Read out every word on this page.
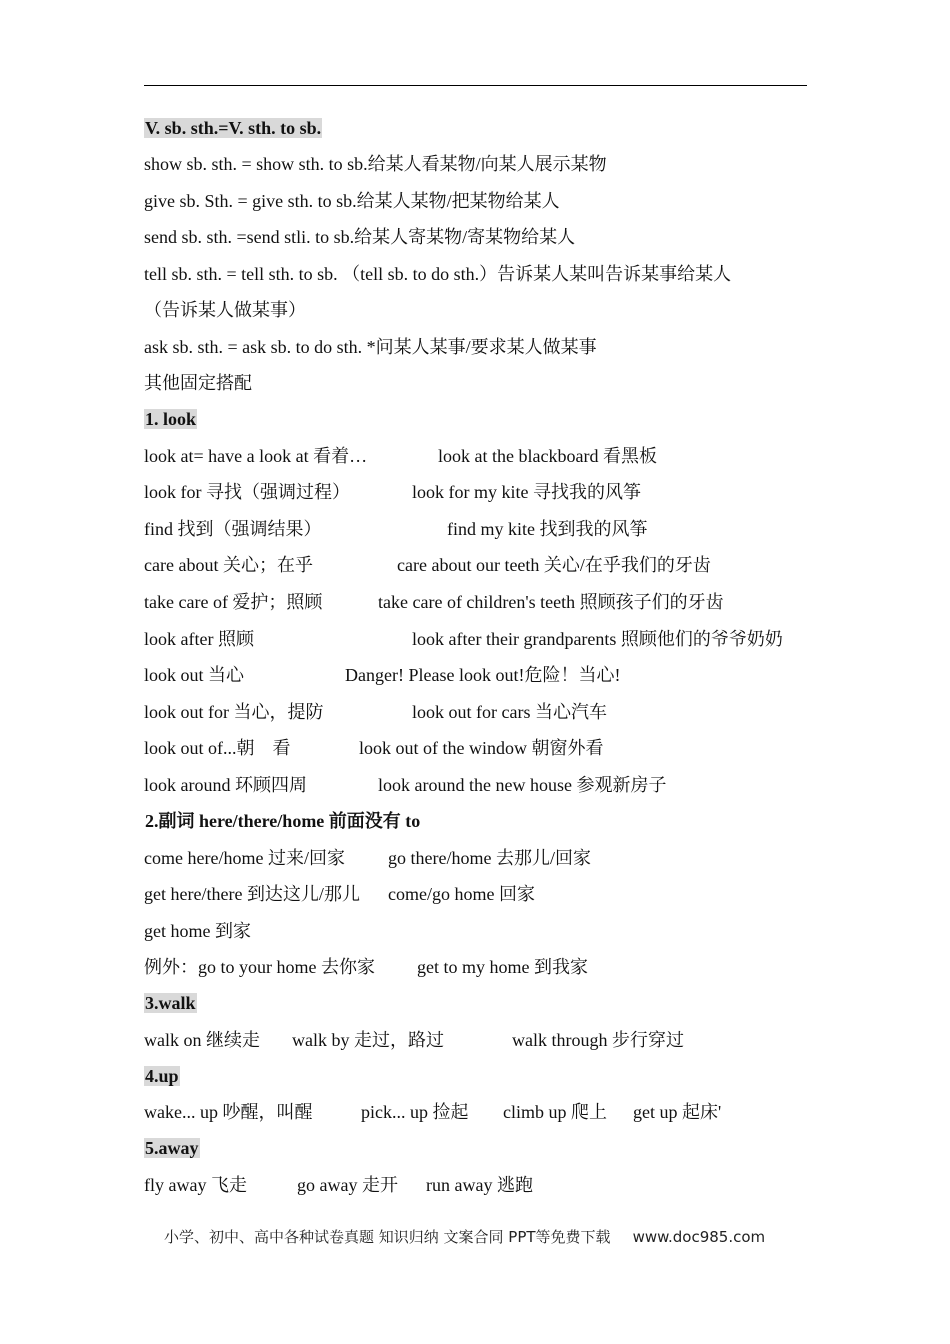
V. sb. sth.=V. sth. to sb.
show sb. sth. = show sth. to sb.给某人看某物/向某人展示某物
give sb. Sth. = give sth. to sb.给某人某物/把某物给某人
send sb. sth. =send stli. to sb.给某人寄某物/寄某物给某人
tell sb. sth. = tell sth. to sb. （tell sb. to do sth.）告诉某人某叫告诉某事给某人
（告诉某人做某事）
ask sb. sth. = ask sb. to do sth. *问某人某事/要求某人做某事
其他固定搭配
1. look
look at= have a look at 看着…	look at the blackboard 看黑板
look for 寻找（强调过程）	look for my kite 寻找我的风筝
find 找到（强调结果）	find my kite 找到我的风筝
care about 关心；在乎	care about our teeth 关心/在乎我们的牙齿
take care of 爱护；照顾	take care of children's teeth 照顾孩子们的牙齿
look after 照顾	look after their grandparents 照顾他们的爷爷奶奶
look out 当心	Danger! Please look out!危险！当心!
look out for 当心，提防	look out for cars 当心汽车
look out of...朝　看	look out of the window 朝窗外看
look around 环顾四周	look around the new house 参观新房子
2.副词 here/there/home 前面没有 to
come here/home 过来/回家 go there/home 去那儿/回家
get here/there 到达这儿/那儿 come/go home 回家
get home 到家
例外：go to your home 去你家 get to my home 到我家
3.walk
walk on 继续走 walk by 走过，路过	walk through 步行穿过
4.up
wake... up 吵醒，叫醒	pick... up 捡起 climb up 爬上 get up 起床'
5.away
fly away 飞走	go away 走开 run away 逃跑
小学、初中、高中各种试卷真题 知识归纳 文案合同 PPT等免费下载 www.doc985.com
